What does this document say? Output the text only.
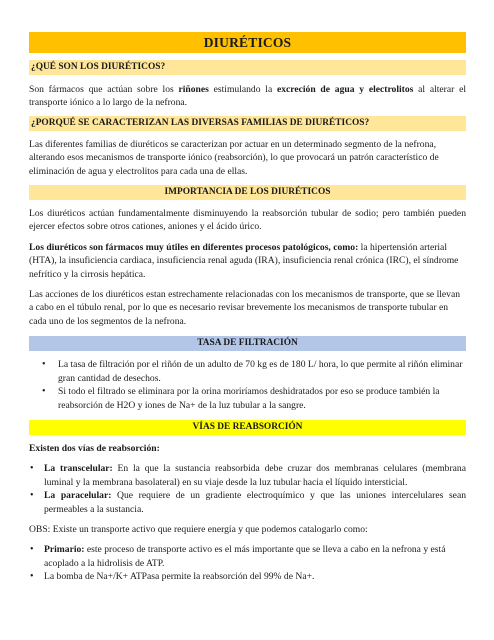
DIURÉTICOS
¿QUÉ SON LOS DIURÉTICOS?

Son fármacos que actúan sobre los riñones estimulando la excreción de agua y electrolitos al alterar el transporte iónico a lo largo de la nefrona.

¿PORQUÉ SE CARACTERIZAN LAS DIVERSAS FAMILIAS DE DIURÉTICOS?

Las diferentes familias de diuréticos se caracterizan por actuar en un determinado segmento de la nefrona, alterando esos mecanismos de transporte iónico (reabsorción), lo que provocará un patrón característico de eliminación de agua y electrolitos para cada una de ellas.

IMPORTANCIA DE LOS DIURÉTICOS

Los diuréticos actúan fundamentalmente disminuyendo la reabsorción tubular de sodio; pero también pueden ejercer efectos sobre otros cationes, aniones y el ácido úrico.

Los diuréticos son fármacos muy útiles en diferentes procesos patológicos, como: la hipertensión arterial (HTA), la insuficiencia cardiaca, insuficiencia renal aguda (IRA), insuficiencia renal crónica (IRC), el síndrome nefrítico y la cirrosis hepática.

Las acciones de los diuréticos estan estrechamente relacionadas con los mecanismos de transporte, que se llevan a cabo en el túbulo renal, por lo que es necesario revisar brevemente los mecanismos de transporte tubular en cada uno de los segmentos de la nefrona.

TASA DE FILTRACIÓN
• La tasa de filtración por el riñón de un adulto de 70 kg es de 180 L/ hora, lo que permite al riñón eliminar gran cantidad de desechos.
• Si todo el filtrado se eliminara por la orina moriríamos deshidratados por eso se produce también la reabsorción de H2O y iones de Na+ de la luz tubular a la sangre.
VÍAS DE REABSORCIÓN

Existen dos vías de reabsorción:

• La transcelular: En la que la sustancia reabsorbida debe cruzar dos membranas celulares (membrana luminal y la membrana basolateral) en su viaje desde la luz tubular hacia el líquido intersticial.
• La paracelular: Que requiere de un gradiente electroquímico y que las uniones intercelulares sean permeables a la sustancia.

OBS: Existe un transporte activo que requiere energía y que podemos catalogarlo como:

• Primario: este proceso de transporte activo es el más importante que se lleva a cabo en la nefrona y está acoplado a la hidrolisis de ATP.
• La bomba de Na+/K+ ATPasa permite la reabsorción del 99% de Na+.
